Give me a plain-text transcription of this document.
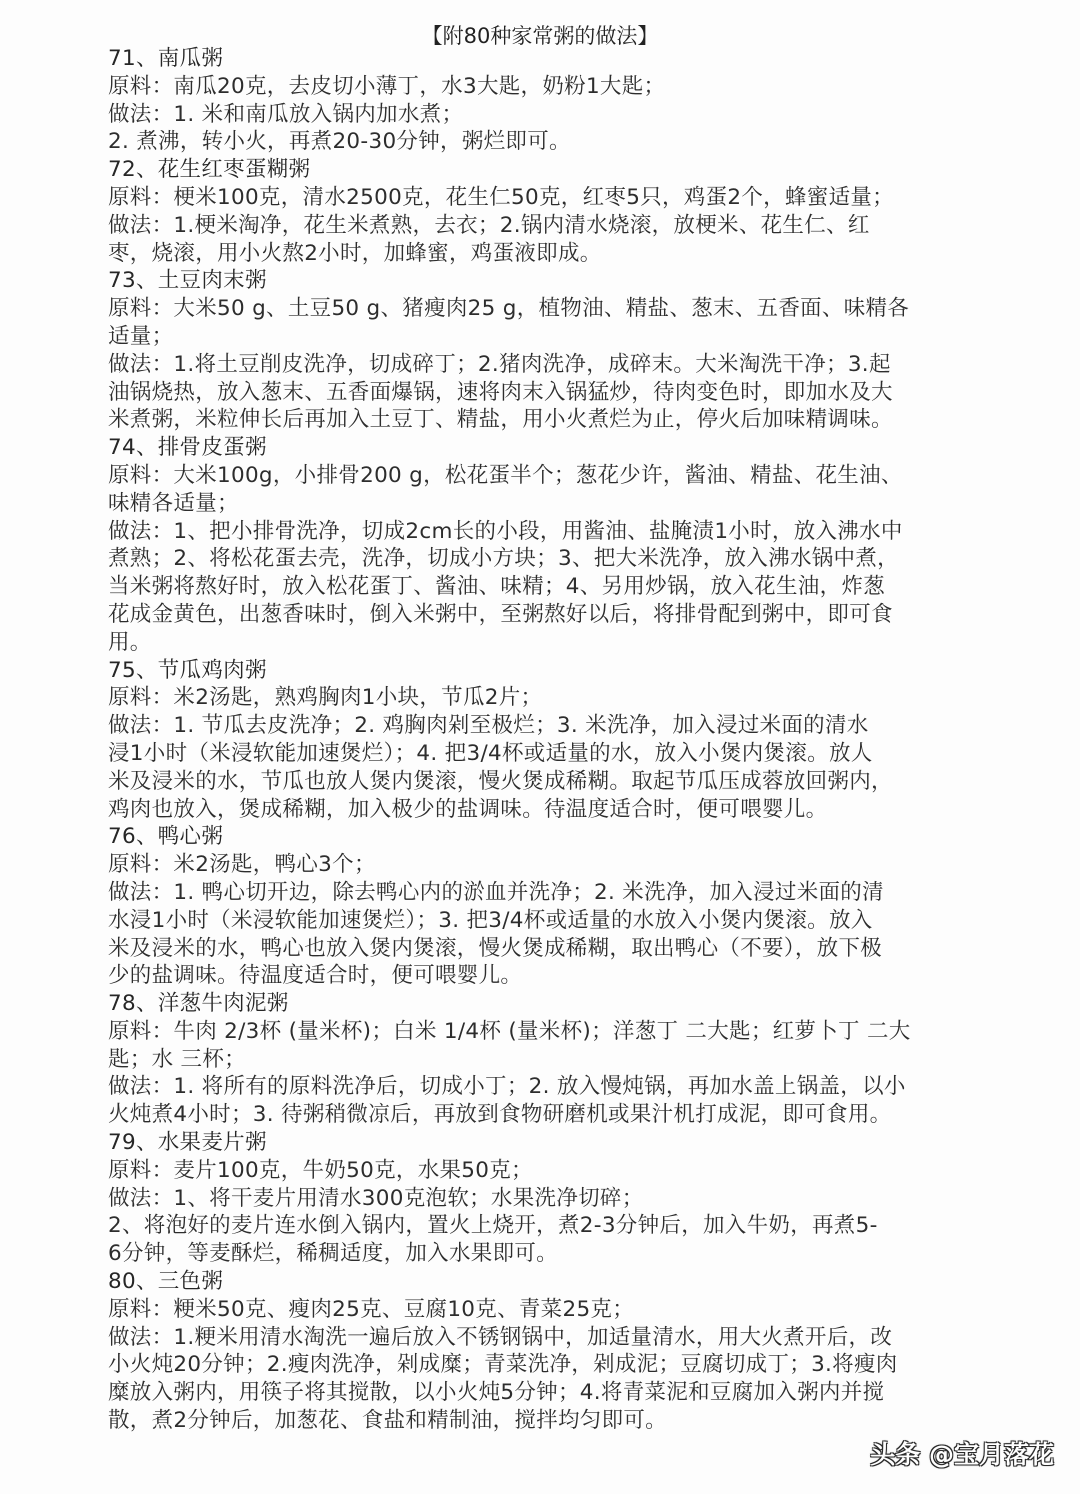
【附80种家常粥的做法】
71、南瓜粥
原料：南瓜20克，去皮切小薄丁，水3大匙，奶粉1大匙；
做法：1. 米和南瓜放入锅内加水煮；
2. 煮沸，转小火，再煮20-30分钟，粥烂即可。
72、花生红枣蛋糊粥
原料：梗米100克，清水2500克，花生仁50克，红枣5只，鸡蛋2个，蜂蜜适量；
做法：1.梗米淘净，花生米煮熟，去衣；2.锅内清水烧滚，放梗米、花生仁、红
枣，烧滚，用小火熬2小时，加蜂蜜，鸡蛋液即成。
73、土豆肉末粥
原料：大米50 g、土豆50 g、猪瘦肉25 g，植物油、精盐、葱末、五香面、味精各
适量；
做法：1.将土豆削皮洗净，切成碎丁；2.猪肉洗净，成碎末。大米淘洗干净；3.起
油锅烧热，放入葱末、五香面爆锅，速将肉末入锅猛炒，待肉变色时，即加水及大
米煮粥，米粒伸长后再加入土豆丁、精盐，用小火煮烂为止，停火后加味精调味。
74、排骨皮蛋粥
原料：大米100g，小排骨200 g，松花蛋半个；葱花少许，酱油、精盐、花生油、
味精各适量；
做法：1、把小排骨洗净，切成2cm长的小段，用酱油、盐腌渍1小时，放入沸水中
煮熟；2、将松花蛋去壳，洗净，切成小方块；3、把大米洗净，放入沸水锅中煮，
当米粥将熬好时，放入松花蛋丁、酱油、味精；4、另用炒锅，放入花生油，炸葱
花成金黄色，出葱香味时，倒入米粥中，至粥熬好以后，将排骨配到粥中，即可食
用。
75、节瓜鸡肉粥
原料：米2汤匙，熟鸡胸肉1小块，节瓜2片；
做法：1. 节瓜去皮洗净；2. 鸡胸肉剁至极烂；3. 米洗净，加入浸过米面的清水
浸1小时（米浸软能加速煲烂）；4. 把3/4杯或适量的水，放入小煲内煲滚。放人
米及浸米的水，节瓜也放人煲内煲滚，慢火煲成稀糊。取起节瓜压成蓉放回粥内，
鸡肉也放入，煲成稀糊，加入极少的盐调味。待温度适合时，便可喂婴儿。
76、鸭心粥
原料：米2汤匙，鸭心3个；
做法：1. 鸭心切开边，除去鸭心内的淤血并洗净；2. 米洗净，加入浸过米面的清
水浸1小时（米浸软能加速煲烂）；3. 把3/4杯或适量的水放入小煲内煲滚。放入
米及浸米的水，鸭心也放入煲内煲滚，慢火煲成稀糊，取出鸭心（不要），放下极
少的盐调味。待温度适合时，便可喂婴儿。
78、洋葱牛肉泥粥
原料：牛肉 2/3杯 (量米杯)；白米 1/4杯 (量米杯)；洋葱丁 二大匙；红萝卜丁 二大
匙；水 三杯；
做法：1. 将所有的原料洗净后，切成小丁；2. 放入慢炖锅，再加水盖上锅盖，以小
火炖煮4小时；3. 待粥稍微凉后，再放到食物研磨机或果汁机打成泥，即可食用。
79、水果麦片粥
原料：麦片100克，牛奶50克，水果50克；
做法：1、将干麦片用清水300克泡软；水果洗净切碎；
2、将泡好的麦片连水倒入锅内，置火上烧开，煮2-3分钟后，加入牛奶，再煮5-
6分钟，等麦酥烂，稀稠适度，加入水果即可。
80、三色粥
原料：粳米50克、瘦肉25克、豆腐10克、青菜25克；
做法：1.粳米用清水淘洗一遍后放入不锈钢锅中，加适量清水，用大火煮开后，改
小火炖20分钟；2.瘦肉洗净，剁成糜；青菜洗净，剁成泥；豆腐切成丁；3.将瘦肉
糜放入粥内，用筷子将其搅散，以小火炖5分钟；4.将青菜泥和豆腐加入粥内并搅
散，煮2分钟后，加葱花、食盐和精制油，搅拌均匀即可。
头条 @宝月落花
